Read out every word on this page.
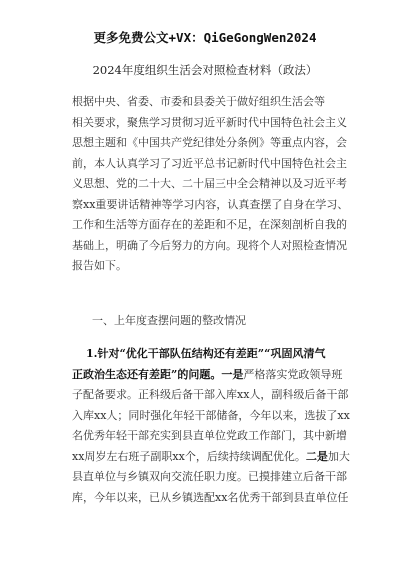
更多免费公文+VX：QiGeGongWen2024
2024年度组织生活会对照检查材料（政法）
根据中央、省委、市委和县委关于做好组织生活会等
相关要求，聚焦学习贯彻习近平新时代中国特色社会主义
思想主题和《中国共产党纪律处分条例》等重点内容，会
前，本人认真学习了习近平总书记新时代中国特色社会主
义思想、党的二十大、二十届三中全会精神以及习近平考
察xx重要讲话精神等学习内容，认真查摆了自身在学习、
工作和生活等方面存在的差距和不足，在深刻剖析自我的
基础上，明确了今后努力的方向。现将个人对照检查情况
报告如下。
一、上年度查摆问题的整改情况
1.针对“优化干部队伍结构还有差距”“巩固风清气
正政治生态还有差距”的问题。一是严格落实党政领导班
子配备要求。正科级后备干部入库xx人，副科级后备干部
入库xx人；同时强化年轻干部储备，今年以来，选拔了xx
名优秀年轻干部充实到县直单位党政工作部门，其中新增
xx周岁左右班子副职xx个，后续持续调配优化。二是加大
县直单位与乡镇双向交流任职力度。已摸排建立后备干部
库，今年以来，已从乡镇选配xx名优秀干部到县直单位任
